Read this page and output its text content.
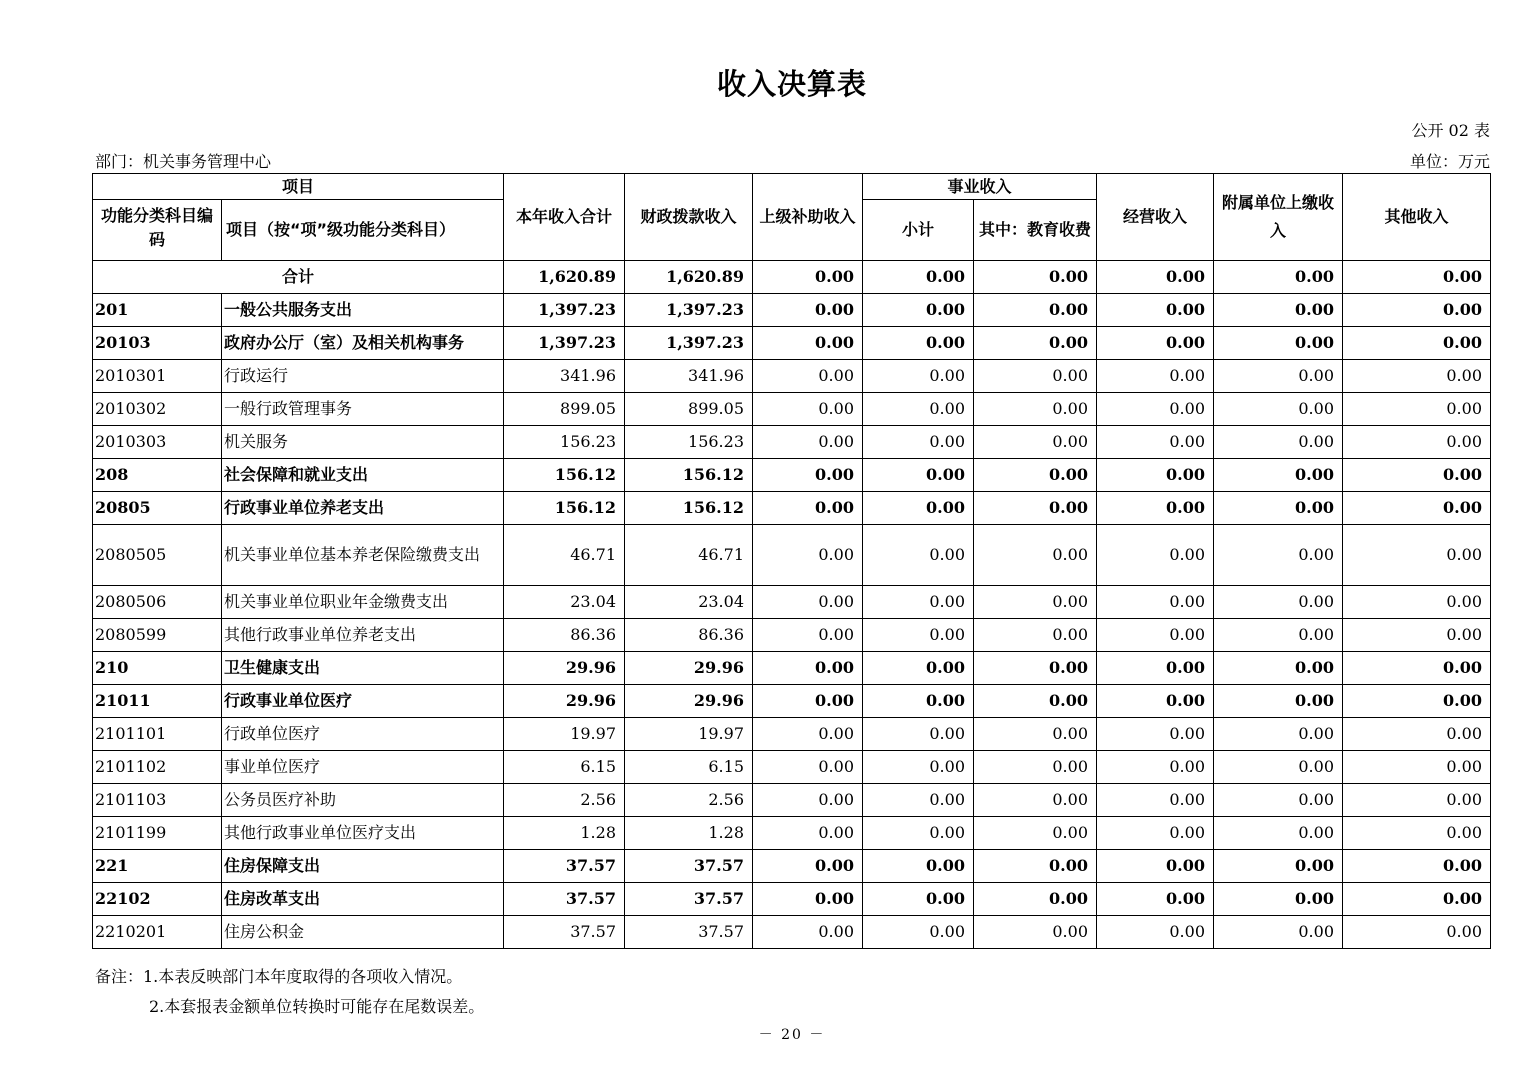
收入决算表
公开 02 表
部门：机关事务管理中心	单位：万元
项目		本年收入合计	财政拨款收入	上级补助收入	事业收入		经营收入	附属单位上缴收入	其他收入
功能分类科目编码	项目（按“项”级功能分类科目）				小计	其中：教育收费			
合计		1,620.89	1,620.89	0.00	0.00	0.00	0.00	0.00	0.00
201	一般公共服务支出	1,397.23	1,397.23	0.00	0.00	0.00	0.00	0.00	0.00
20103	政府办公厅（室）及相关机构事务	1,397.23	1,397.23	0.00	0.00	0.00	0.00	0.00	0.00
2010301	行政运行	341.96	341.96	0.00	0.00	0.00	0.00	0.00	0.00
2010302	一般行政管理事务	899.05	899.05	0.00	0.00	0.00	0.00	0.00	0.00
2010303	机关服务	156.23	156.23	0.00	0.00	0.00	0.00	0.00	0.00
208	社会保障和就业支出	156.12	156.12	0.00	0.00	0.00	0.00	0.00	0.00
20805	行政事业单位养老支出	156.12	156.12	0.00	0.00	0.00	0.00	0.00	0.00
2080505	机关事业单位基本养老保险缴费支出	46.71	46.71	0.00	0.00	0.00	0.00	0.00	0.00
2080506	机关事业单位职业年金缴费支出	23.04	23.04	0.00	0.00	0.00	0.00	0.00	0.00
2080599	其他行政事业单位养老支出	86.36	86.36	0.00	0.00	0.00	0.00	0.00	0.00
210	卫生健康支出	29.96	29.96	0.00	0.00	0.00	0.00	0.00	0.00
21011	行政事业单位医疗	29.96	29.96	0.00	0.00	0.00	0.00	0.00	0.00
2101101	行政单位医疗	19.97	19.97	0.00	0.00	0.00	0.00	0.00	0.00
2101102	事业单位医疗	6.15	6.15	0.00	0.00	0.00	0.00	0.00	0.00
2101103	公务员医疗补助	2.56	2.56	0.00	0.00	0.00	0.00	0.00	0.00
2101199	其他行政事业单位医疗支出	1.28	1.28	0.00	0.00	0.00	0.00	0.00	0.00
221	住房保障支出	37.57	37.57	0.00	0.00	0.00	0.00	0.00	0.00
22102	住房改革支出	37.57	37.57	0.00	0.00	0.00	0.00	0.00	0.00
2210201	住房公积金	37.57	37.57	0.00	0.00	0.00	0.00	0.00	0.00
备注：1.本表反映部门本年度取得的各项收入情况。
2.本套报表金额单位转换时可能存在尾数误差。
－ 20 －
